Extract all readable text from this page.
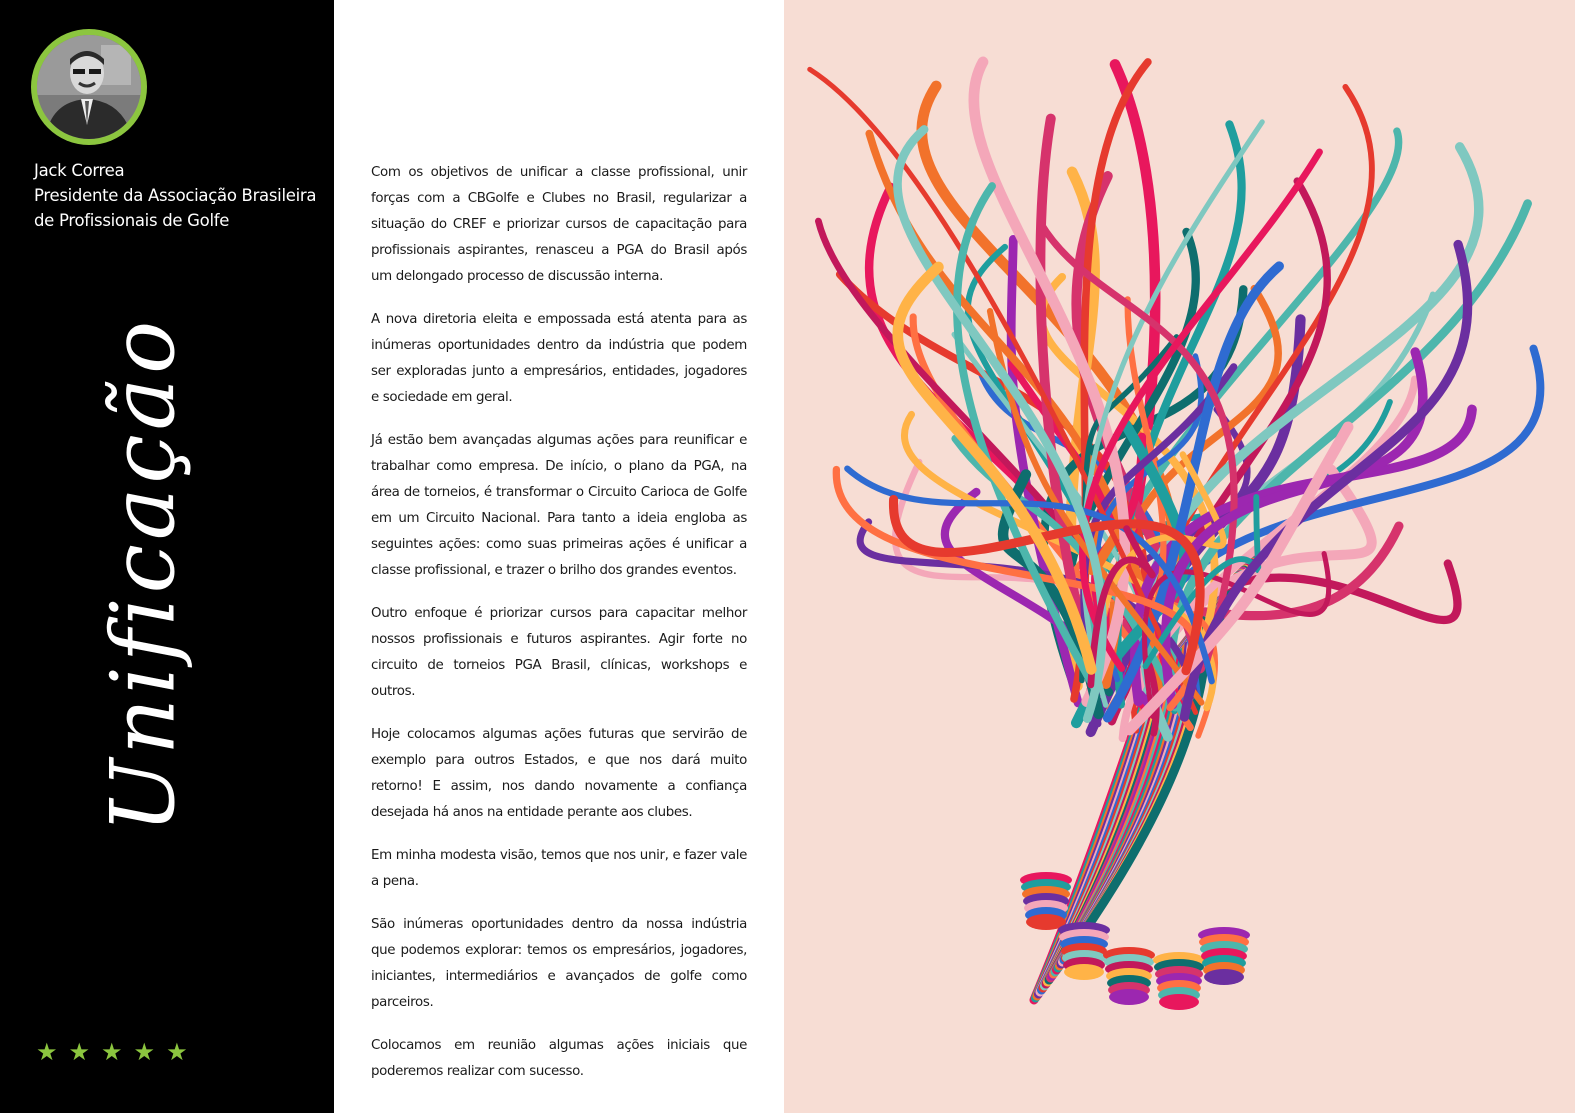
Jack Correa
Presidente da Associação Brasileira
de Profissionais de Golfe
Unificação
★ ★ ★ ★ ★

Com os objetivos de unificar a classe profissional, unir forças com a CBGolfe e Clubes no Brasil, regularizar a situação do CREF e priorizar cursos de capacitação para profissionais aspirantes, renasceu a PGA do Brasil após um delongado processo de discussão interna.

A nova diretoria eleita e empossada está atenta para as inúmeras oportunidades dentro da indústria que podem ser exploradas junto a empresários, entidades, jogadores e sociedade em geral.

Já estão bem avançadas algumas ações para reunificar e trabalhar como empresa. De início, o plano da PGA, na área de torneios, é transformar o Circuito Carioca de Golfe em um Circuito Nacional. Para tanto a ideia engloba as seguintes ações: como suas primeiras ações é unificar a classe profissional, e trazer o brilho dos grandes eventos.

Outro enfoque é priorizar cursos para capacitar melhor nossos profissionais e futuros aspirantes. Agir forte no circuito de torneios PGA Brasil, clínicas, workshops e outros.

Hoje colocamos algumas ações futuras que servirão de exemplo para outros Estados, e que nos dará muito retorno! E assim, nos dando novamente a confiança desejada há anos na entidade perante aos clubes.

Em minha modesta visão, temos que nos unir, e fazer vale a pena.

São inúmeras oportunidades dentro da nossa indústria que podemos explorar: temos os empresários, jogadores, iniciantes, intermediários e avançados de golfe como parceiros.

Colocamos em reunião algumas ações iniciais que poderemos realizar com sucesso.
